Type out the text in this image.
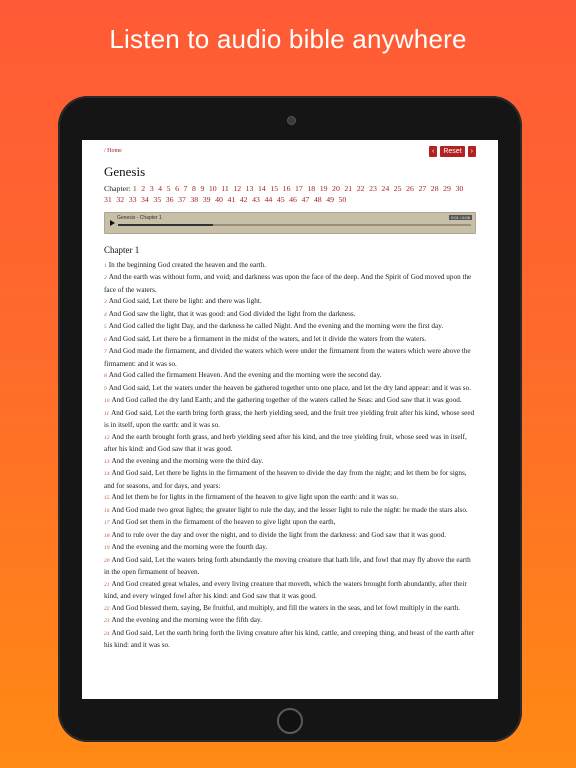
Listen to audio bible anywhere
/ Home	‹	Reset	›
Genesis
Chapter: 1 2 3 4 5 6 7 8 9 10 11 12 13 14 15 16 17 18 19 20 21 22 23 24 25 26 27 28 29 30 31 32 33 34 35 36 37 38 39 40 41 42 43 44 45 46 47 48 49 50
Genesis - Chapter 1	0:01 / 6:06
Chapter 1
1 In the beginning God created the heaven and the earth.
2 And the earth was without form, and void; and darkness was upon the face of the deep. And the Spirit of God moved upon the face of the waters.
3 And God said, Let there be light: and there was light.
4 And God saw the light, that it was good: and God divided the light from the darkness.
5 And God called the light Day, and the darkness he called Night. And the evening and the morning were the first day.
6 And God said, Let there be a firmament in the midst of the waters, and let it divide the waters from the waters.
7 And God made the firmament, and divided the waters which were under the firmament from the waters which were above the firmament: and it was so.
8 And God called the firmament Heaven. And the evening and the morning were the second day.
9 And God said, Let the waters under the heaven be gathered together unto one place, and let the dry land appear: and it was so.
10 And God called the dry land Earth; and the gathering together of the waters called he Seas: and God saw that it was good.
11 And God said, Let the earth bring forth grass, the herb yielding seed, and the fruit tree yielding fruit after his kind, whose seed is in itself, upon the earth: and it was so.
12 And the earth brought forth grass, and herb yielding seed after his kind, and the tree yielding fruit, whose seed was in itself, after his kind: and God saw that it was good.
13 And the evening and the morning were the third day.
14 And God said, Let there be lights in the firmament of the heaven to divide the day from the night; and let them be for signs, and for seasons, and for days, and years:
15 And let them be for lights in the firmament of the heaven to give light upon the earth: and it was so.
16 And God made two great lights; the greater light to rule the day, and the lesser light to rule the night: he made the stars also.
17 And God set them in the firmament of the heaven to give light upon the earth,
18 And to rule over the day and over the night, and to divide the light from the darkness: and God saw that it was good.
19 And the evening and the morning were the fourth day.
20 And God said, Let the waters bring forth abundantly the moving creature that hath life, and fowl that may fly above the earth in the open firmament of heaven.
21 And God created great whales, and every living creature that moveth, which the waters brought forth abundantly, after their kind, and every winged fowl after his kind: and God saw that it was good.
22 And God blessed them, saying, Be fruitful, and multiply, and fill the waters in the seas, and let fowl multiply in the earth.
23 And the evening and the morning were the fifth day.
24 And God said, Let the earth bring forth the living creature after his kind, cattle, and creeping thing, and beast of the earth after his kind: and it was so.
